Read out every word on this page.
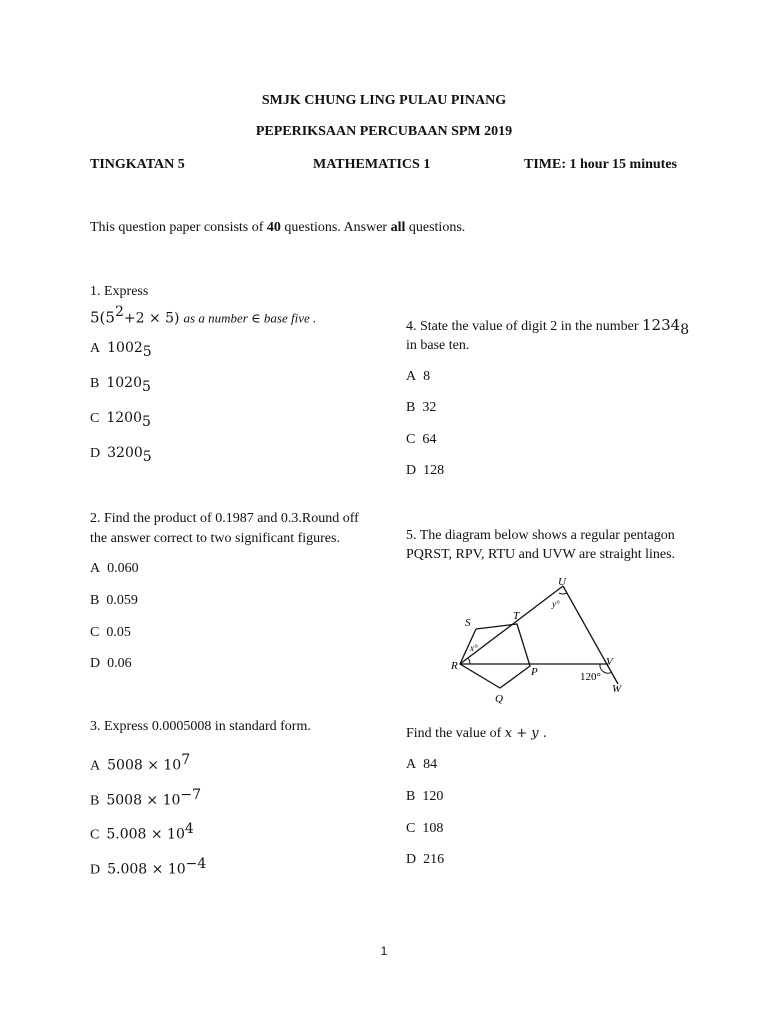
SMJK CHUNG LING PULAU PINANG
PEPERIKSAAN PERCUBAAN SPM 2019
TINGKATAN 5	MATHEMATICS 1	TIME: 1 hour 15 minutes
This question paper consists of 40 questions. Answer all questions.
1. Express
$5(5^2+2 \times 5)$ as a number ∈ base five .
A $1002_5$
B $1020_5$
C $1200_5$
D $3200_5$
2. Find the product of 0.1987 and 0.3.Round off
the answer correct to two significant figures.
A 0.060
B 0.059
C 0.05
D 0.06
3. Express 0.0005008 in standard form.
A $5008 \times 10^7$
B $5008 \times 10^{-7}$
C $5.008 \times 10^4$
D $5.008 \times 10^{-4}$
4. State the value of digit 2 in the number $1234_8$
in base ten.
A 8
B 32
C 64
D 128
5. The diagram below shows a regular pentagon
PQRST, RPV, RTU and UVW are straight lines.
U
S
T
R	P
V
Q
W
x°
y°
120°
Find the value of x + y .
A 84
B 120
C 108
D 216
1
